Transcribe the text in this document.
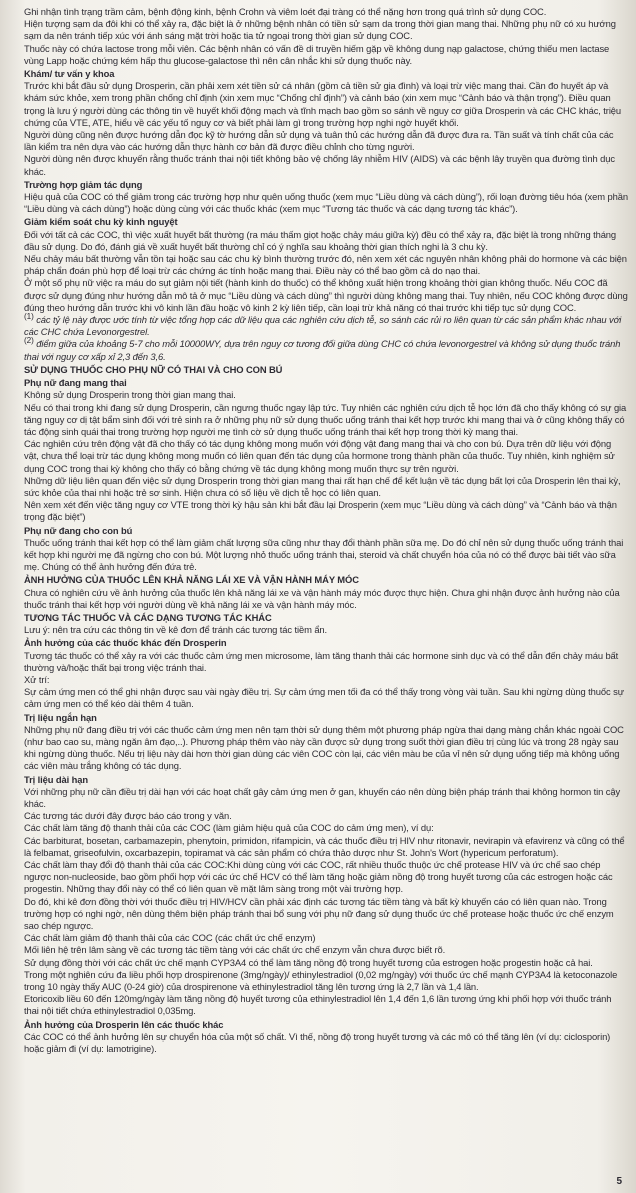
Ghi nhận tình trạng trầm cảm, bệnh động kinh, bệnh Crohn và viêm loét đại tràng có thể nặng hơn trong quá trình sử dụng COC.

Hiện tượng sạm da đôi khi có thể xảy ra, đặc biệt là ở những bệnh nhân có tiền sử sạm da trong thời gian mang thai. Những phụ nữ có xu hướng sạm da nên tránh tiếp xúc với ánh sáng mặt trời hoặc tia tử ngoại trong thời gian sử dụng COC.

Thuốc này có chứa lactose trong mỗi viên. Các bệnh nhân có vấn đề di truyền hiếm gặp về không dung nạp galactose, chứng thiếu men lactase vùng Lapp hoặc chứng kém hấp thu glucose-galactose thì nên cân nhắc khi sử dụng thuốc này.

Khám/ tư vấn y khoa

Trước khi bắt đầu sử dụng Drosperin, cần phải xem xét tiền sử cá nhân (gồm cả tiền sử gia đình) và loại trừ việc mang thai. Cần đo huyết áp và khám sức khỏe, xem trong phần chống chỉ định (xin xem mục “Chống chỉ định”) và cảnh báo (xin xem mục “Cảnh báo và thận trọng”). Điều quan trọng là lưu ý người dùng các thông tin về huyết khối động mạch và tĩnh mạch bao gồm so sánh về nguy cơ giữa Drosperin và các CHC khác, triệu chứng của VTE, ATE, hiểu về các yếu tố nguy cơ và biết phải làm gì trong trường hợp nghi ngờ huyết khối.

Người dùng cũng nên được hướng dẫn đọc kỹ tờ hướng dẫn sử dụng và tuân thủ các hướng dẫn đã được đưa ra. Tần suất và tính chất của các lần kiểm tra nên dựa vào các hướng dẫn thực hành cơ bản đã được điều chỉnh cho từng người.

Người dùng nên được khuyến rằng thuốc tránh thai nội tiết không bảo vệ chống lây nhiễm HIV (AIDS) và các bệnh lây truyền qua đường tình dục khác.

Trường hợp giảm tác dụng

Hiệu quả của COC có thể giảm trong các trường hợp như quên uống thuốc (xem mục “Liều dùng và cách dùng”), rối loạn đường tiêu hóa (xem phần “Liều dùng và cách dùng”) hoặc dùng cùng với các thuốc khác (xem mục “Tương tác thuốc và các dạng tương tác khác”).

Giảm kiểm soát chu kỳ kinh nguyệt

Đối với tất cả các COC, thì việc xuất huyết bất thường (ra máu thấm giọt hoặc chảy máu giữa kỳ) đều có thể xảy ra, đặc biệt là trong những tháng đầu sử dụng. Do đó, đánh giá về xuất huyết bất thường chỉ có ý nghĩa sau khoảng thời gian thích nghi là 3 chu kỳ.

Nếu chảy máu bất thường vẫn tồn tại hoặc sau các chu kỳ bình thường trước đó, nên xem xét các nguyên nhân không phải do hormone và các biện pháp chẩn đoán phù hợp để loại trừ các chứng ác tính hoặc mang thai. Điều này có thể bao gồm cả do nạo thai.

Ở một số phụ nữ việc ra máu do sụt giảm nội tiết (hành kinh do thuốc) có thể không xuất hiện trong khoảng thời gian không thuốc. Nếu COC đã được sử dụng đúng như hướng dẫn mô tả ở mục “Liều dùng và cách dùng” thì người dùng không mang thai. Tuy nhiên, nếu COC không được dùng đúng theo hướng dẫn trước khi vô kinh lần đầu hoặc vô kinh 2 kỳ liên tiếp, cần loại trừ khả năng có thai trước khi tiếp tục sử dụng COC.

(1) các tỷ lệ này được ước tính từ việc tổng hợp các dữ liệu qua các nghiên cứu dịch tễ, so sánh các rủi ro liên quan từ các sản phẩm khác nhau với các CHC chứa Levonorgestrel.

(2) điểm giữa của khoảng 5-7 cho mỗi 10000WY, dựa trên nguy cơ tương đối giữa dùng CHC có chứa levonorgestrel và không sử dụng thuốc tránh thai với nguy cơ xấp xỉ 2,3 đến 3,6.

SỬ DỤNG THUỐC CHO PHỤ NỮ CÓ THAI VÀ CHO CON BÚ

Phụ nữ đang mang thai

Không sử dụng Drosperin trong thời gian mang thai.

Nếu có thai trong khi đang sử dụng Drosperin, cần ngưng thuốc ngay lập tức. Tuy nhiên các nghiên cứu dịch tễ học lớn đã cho thấy không có sự gia tăng nguy cơ dị tật bẩm sinh đối với trẻ sinh ra ở những phụ nữ sử dụng thuốc uống tránh thai kết hợp trước khi mang thai và ở cũng không thấy có tác động sinh quái thai trong trường hợp người mẹ tình cờ sử dụng thuốc uống tránh thai kết hợp trong thời kỳ mang thai.

Các nghiên cứu trên động vật đã cho thấy có tác dụng không mong muốn với động vật đang mang thai và cho con bú. Dựa trên dữ liệu với động vật, chưa thể loại trừ tác dụng không mong muốn có liên quan đến tác dụng của hormone trong thành phần của thuốc. Tuy nhiên, kinh nghiệm sử dụng COC trong thai kỳ không cho thấy có bằng chứng về tác dụng không mong muốn thực sự trên người.

Những dữ liệu liên quan đến việc sử dụng Drosperin trong thời gian mang thai rất hạn chế để kết luận về tác dụng bất lợi của Drosperin lên thai kỳ, sức khỏe của thai nhi hoặc trẻ sơ sinh. Hiện chưa có số liệu về dịch tễ học có liên quan.

Nên xem xét đến việc tăng nguy cơ VTE trong thời kỳ hậu sản khi bắt đầu lại Drosperin (xem mục “Liều dùng và cách dùng” và “Cảnh báo và thận trọng đặc biệt”)

Phụ nữ đang cho con bú

Thuốc uống tránh thai kết hợp có thể làm giảm chất lượng sữa cũng như thay đổi thành phần sữa mẹ. Do đó chỉ nên sử dụng thuốc uống tránh thai kết hợp khi người mẹ đã ngừng cho con bú. Một lượng nhỏ thuốc uống tránh thai, steroid và chất chuyển hóa của nó có thể được bài tiết vào sữa mẹ. Chúng có thể ảnh hưởng đến đứa trẻ.

ẢNH HƯỞNG CỦA THUỐC LÊN KHẢ NĂNG LÁI XE VÀ VẬN HÀNH MÁY MÓC

Chưa có nghiên cứu về ảnh hưởng của thuốc lên khả năng lái xe và vận hành máy móc được thực hiện. Chưa ghi nhận được ảnh hưởng nào của thuốc tránh thai kết hợp với người dùng về khả năng lái xe và vận hành máy móc.

TƯƠNG TÁC THUỐC VÀ CÁC DẠNG TƯƠNG TÁC KHÁC

Lưu ý: nên tra cứu các thông tin về kê đơn để tránh các tương tác tiềm ẩn.

Ảnh hưởng của các thuốc khác đến Drosperin

Tương tác thuốc có thể xảy ra với các thuốc cảm ứng men microsome, làm tăng thanh thải các hormone sinh dục và có thể dẫn đến chảy máu bất thường và/hoặc thất bại trong việc tránh thai.

Xử trí:

Sự cảm ứng men có thể ghi nhận được sau vài ngày điều trị. Sự cảm ứng men tối đa có thể thấy trong vòng vài tuần. Sau khi ngừng dùng thuốc sự cảm ứng men có thể kéo dài thêm 4 tuần.

Trị liệu ngắn hạn

Những phụ nữ đang điều trị với các thuốc cảm ứng men nên tạm thời sử dụng thêm một phương pháp ngừa thai dạng màng chắn khác ngoài COC (như bao cao su, màng ngăn âm đạo,..). Phương pháp thêm vào này cần được sử dụng trong suốt thời gian điều trị cùng lúc và trong 28 ngày sau khi ngừng dùng thuốc. Nếu trị liệu này dài hơn thời gian dùng các viên COC còn lại, các viên màu be của vỉ nên sử dụng uống tiếp mà không uống các viên màu trắng không có tác dụng.

Trị liệu dài hạn

Với những phụ nữ cần điều trị dài hạn với các hoạt chất gây cảm ứng men ở gan, khuyến cáo nên dùng biện pháp tránh thai không hormon tin cậy khác.

Các tương tác dưới đây được báo cáo trong y văn.

Các chất làm tăng độ thanh thải của các COC (làm giảm hiệu quả của COC do cảm ứng men), ví dụ:

Các barbiturat, bosetan, carbamazepin, phenytoin, primidon, rifampicin, và các thuốc điều trị HIV như ritonavir, nevirapin và efavirenz và cũng có thể là felbamat, griseofulvin, oxcarbazepin, topiramat và các sản phẩm có chứa thảo dược như St. John's Wort (hypericum perforatum).

Các chất làm thay đổi độ thanh thải của các COC:Khi dùng cùng với các COC, rất nhiều thuốc thuộc ức chế protease HIV và ức chế sao chép ngược non-nucleoside, bao gồm phối hợp với các ức chế HCV có thể làm tăng hoặc giảm nồng độ trong huyết tương của các estrogen hoặc các progestin. Những thay đổi này có thể có liên quan về mặt lâm sàng trong một vài trường hợp.

Do đó, khi kê đơn đồng thời với thuốc điều trị HIV/HCV cần phải xác định các tương tác tiềm tàng và bất kỳ khuyến cáo có liên quan nào. Trong trường hợp có nghi ngờ, nên dùng thêm biện pháp tránh thai bổ sung với phụ nữ đang sử dụng thuốc ức chế protease hoặc thuốc ức chế enzym sao chép ngược.

Các chất làm giảm độ thanh thải của các COC (các chất ức chế enzym)

Mối liên hệ trên lâm sàng về các tương tác tiềm tàng với các chất ức chế enzym vẫn chưa được biết rõ.

Sử dụng đồng thời với các chất ức chế mạnh CYP3A4 có thể làm tăng nồng độ trong huyết tương của estrogen hoặc progestin hoặc cả hai.

Trong một nghiên cứu đa liều phối hợp drospirenone (3mg/ngày)/ ethinylestradiol (0,02 mg/ngày) với thuốc ức chế mạnh CYP3A4 là ketoconazole trong 10 ngày thấy AUC (0-24 giờ) của drospirenone và ethinylestradiol tăng lên tương ứng là 2,7 lần và 1,4 lần.

Etoricoxib liều 60 đến 120mg/ngày làm tăng nồng độ huyết tương của ethinylestradiol lên 1,4 đến 1,6 lần tương ứng khi phối hợp với thuốc tránh thai nội tiết chứa ethinylestradiol 0,035mg.

Ảnh hưởng của Drosperin lên các thuốc khác

Các COC có thể ảnh hưởng lên sự chuyển hóa của một số chất. Vì thế, nồng độ trong huyết tương và các mô có thể tăng lên (ví dụ: ciclosporin) hoặc giảm đi (ví dụ: lamotrigine).

5
